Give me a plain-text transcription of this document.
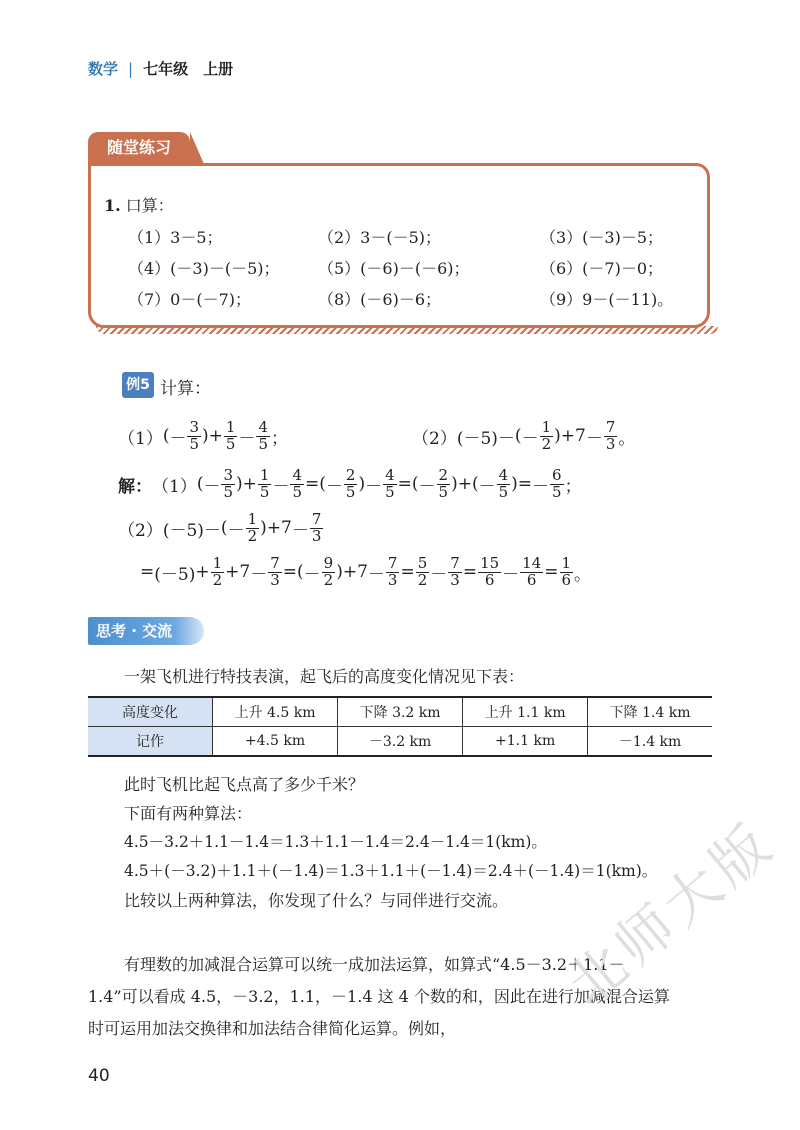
数学 | 七年级　上册
随堂练习
1. 口算：
（1）3－5；	（2）3－(－5)；	（3）(－3)－5；
（4）(－3)－(－5)； （5）(－6)－(－6)；	（6）(－7)－0；
（7）0－(－7)；	（8）(－6)－6；	（9）9－(－11)。
例5 计算：
（1） ( － $\frac{3}{5}$ ) + $\frac{1}{5} - \frac{4}{5}$ ；	（2） (－5) － ( － $\frac{1}{2}$ ) + $7 - \frac{7}{3}$ 。
解： （1） ( － $\frac{3}{5}$ ) + $\frac{1}{5} - \frac{4}{5}$ = ( － $\frac{2}{5}$ ) － $\frac{4}{5}$ = ( － $\frac{2}{5}$ ) + ( － $\frac{4}{5}$ ) = － $\frac{6}{5}$ ；
（2） (－5) － ( － $\frac{1}{2}$ ) + $7 - \frac{7}{3}$
= $(-5) + \frac{1}{2} + 7 - \frac{7}{3}$ = ( － $\frac{9}{2}$ ) + $7 - \frac{7}{3} = \frac{5}{2} - \frac{7}{3} = \frac{15}{6} - \frac{14}{6} = \frac{1}{6}$ 。
思考 · 交流
一架飞机进行特技表演，起飞后的高度变化情况见下表：
高度变化	上升 4.5 km	下降 3.2 km	上升 1.1 km	下降 1.4 km
记作	+4.5 km	－3.2 km	+1.1 km	－1.4 km
此时飞机比起飞点高了多少千米？
下面有两种算法：
4.5－3.2＋1.1－1.4＝1.3＋1.1－1.4＝2.4－1.4＝1(km)。
4.5＋(－3.2)＋1.1＋(－1.4)＝1.3＋1.1＋(－1.4)＝2.4＋(－1.4)＝1(km)。
比较以上两种算法，你发现了什么？与同伴进行交流。
有理数的加减混合运算可以统一成加法运算，如算式“4.5－3.2＋1.1－
1.4”可以看成 4.5，－3.2，1.1，－1.4 这 4 个数的和，因此在进行加减混合运算
时可运用加法交换律和加法结合律简化运算。例如，
40
北师大版
